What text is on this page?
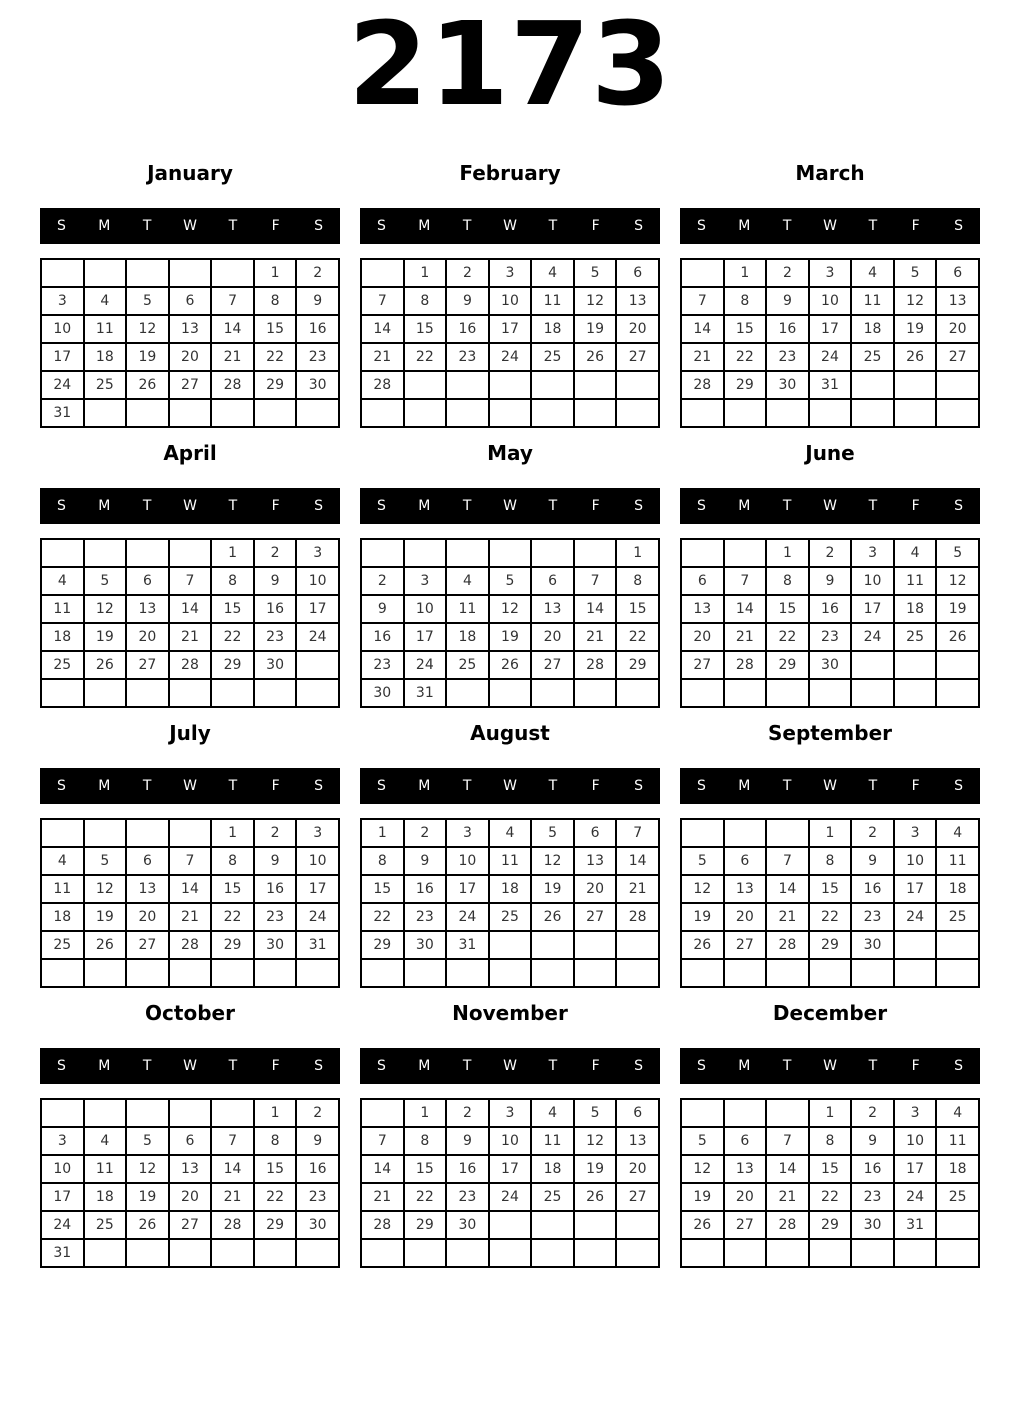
2173
January
S	M	T	W	T	F	S
					1	2
3	4	5	6	7	8	9
10	11	12	13	14	15	16
17	18	19	20	21	22	23
24	25	26	27	28	29	30
31						
February
S	M	T	W	T	F	S
	1	2	3	4	5	6
7	8	9	10	11	12	13
14	15	16	17	18	19	20
21	22	23	24	25	26	27
28						

March
S	M	T	W	T	F	S
	1	2	3	4	5	6
7	8	9	10	11	12	13
14	15	16	17	18	19	20
21	22	23	24	25	26	27
28	29	30	31			

April
S	M	T	W	T	F	S
				1	2	3
4	5	6	7	8	9	10
11	12	13	14	15	16	17
18	19	20	21	22	23	24
25	26	27	28	29	30	

May
S	M	T	W	T	F	S
						1
2	3	4	5	6	7	8
9	10	11	12	13	14	15
16	17	18	19	20	21	22
23	24	25	26	27	28	29
30	31					
June
S	M	T	W	T	F	S
		1	2	3	4	5
6	7	8	9	10	11	12
13	14	15	16	17	18	19
20	21	22	23	24	25	26
27	28	29	30			

July
S	M	T	W	T	F	S
				1	2	3
4	5	6	7	8	9	10
11	12	13	14	15	16	17
18	19	20	21	22	23	24
25	26	27	28	29	30	31

August
S	M	T	W	T	F	S
1	2	3	4	5	6	7
8	9	10	11	12	13	14
15	16	17	18	19	20	21
22	23	24	25	26	27	28
29	30	31				

September
S	M	T	W	T	F	S
			1	2	3	4
5	6	7	8	9	10	11
12	13	14	15	16	17	18
19	20	21	22	23	24	25
26	27	28	29	30		

October
S	M	T	W	T	F	S
					1	2
3	4	5	6	7	8	9
10	11	12	13	14	15	16
17	18	19	20	21	22	23
24	25	26	27	28	29	30
31						
November
S	M	T	W	T	F	S
	1	2	3	4	5	6
7	8	9	10	11	12	13
14	15	16	17	18	19	20
21	22	23	24	25	26	27
28	29	30				

December
S	M	T	W	T	F	S
			1	2	3	4
5	6	7	8	9	10	11
12	13	14	15	16	17	18
19	20	21	22	23	24	25
26	27	28	29	30	31	
